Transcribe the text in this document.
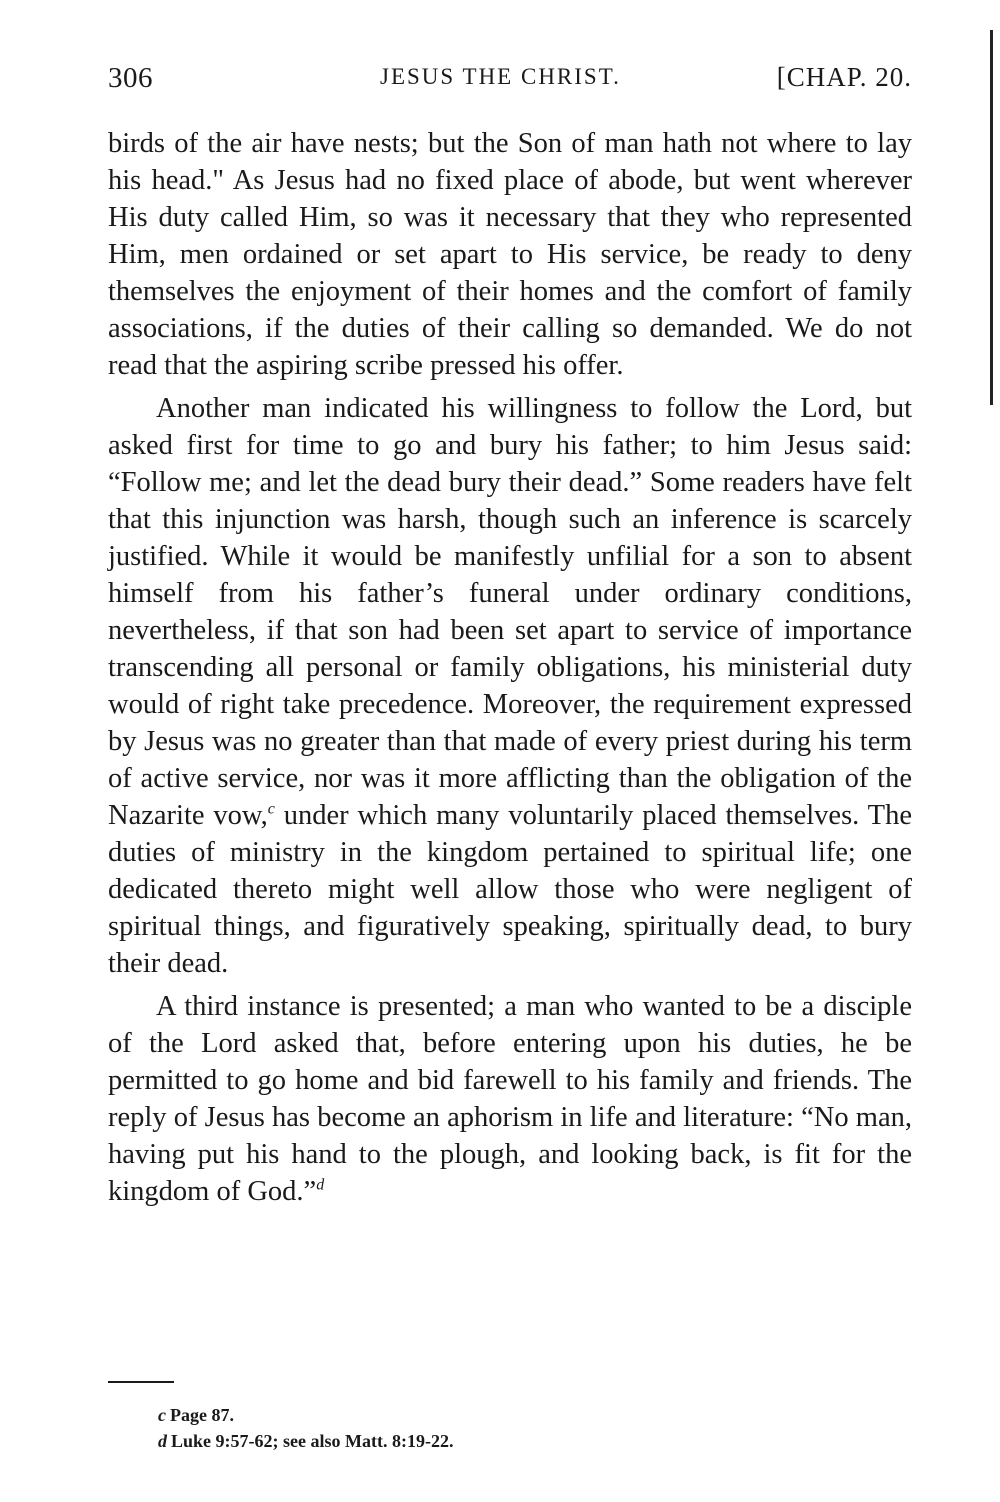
306	JESUS THE CHRIST.	[CHAP. 20.

birds of the air have nests; but the Son of man hath not where to lay his head." As Jesus had no fixed place of abode, but went wherever His duty called Him, so was it necessary that they who represented Him, men ordained or set apart to His service, be ready to deny themselves the enjoyment of their homes and the comfort of family associations, if the duties of their calling so demanded. We do not read that the aspiring scribe pressed his offer.

Another man indicated his willingness to follow the Lord, but asked first for time to go and bury his father; to him Jesus said: “Follow me; and let the dead bury their dead.” Some readers have felt that this injunction was harsh, though such an inference is scarcely justified. While it would be manifestly unfilial for a son to absent himself from his father’s funeral under ordinary conditions, nevertheless, if that son had been set apart to service of importance transcending all personal or family obligations, his ministerial duty would of right take precedence. Moreover, the requirement expressed by Jesus was no greater than that made of every priest during his term of active service, nor was it more afflicting than the obligation of the Nazarite vow,$^c$ under which many voluntarily placed themselves. The duties of ministry in the kingdom pertained to spiritual life; one dedicated thereto might well allow those who were negligent of spiritual things, and figuratively speaking, spiritually dead, to bury their dead.

A third instance is presented; a man who wanted to be a disciple of the Lord asked that, before entering upon his duties, he be permitted to go home and bid farewell to his family and friends. The reply of Jesus has become an aphorism in life and literature: “No man, having put his hand to the plough, and looking back, is fit for the kingdom of God.”$^d$

c Page 87.

d Luke 9:57-62; see also Matt. 8:19-22.
